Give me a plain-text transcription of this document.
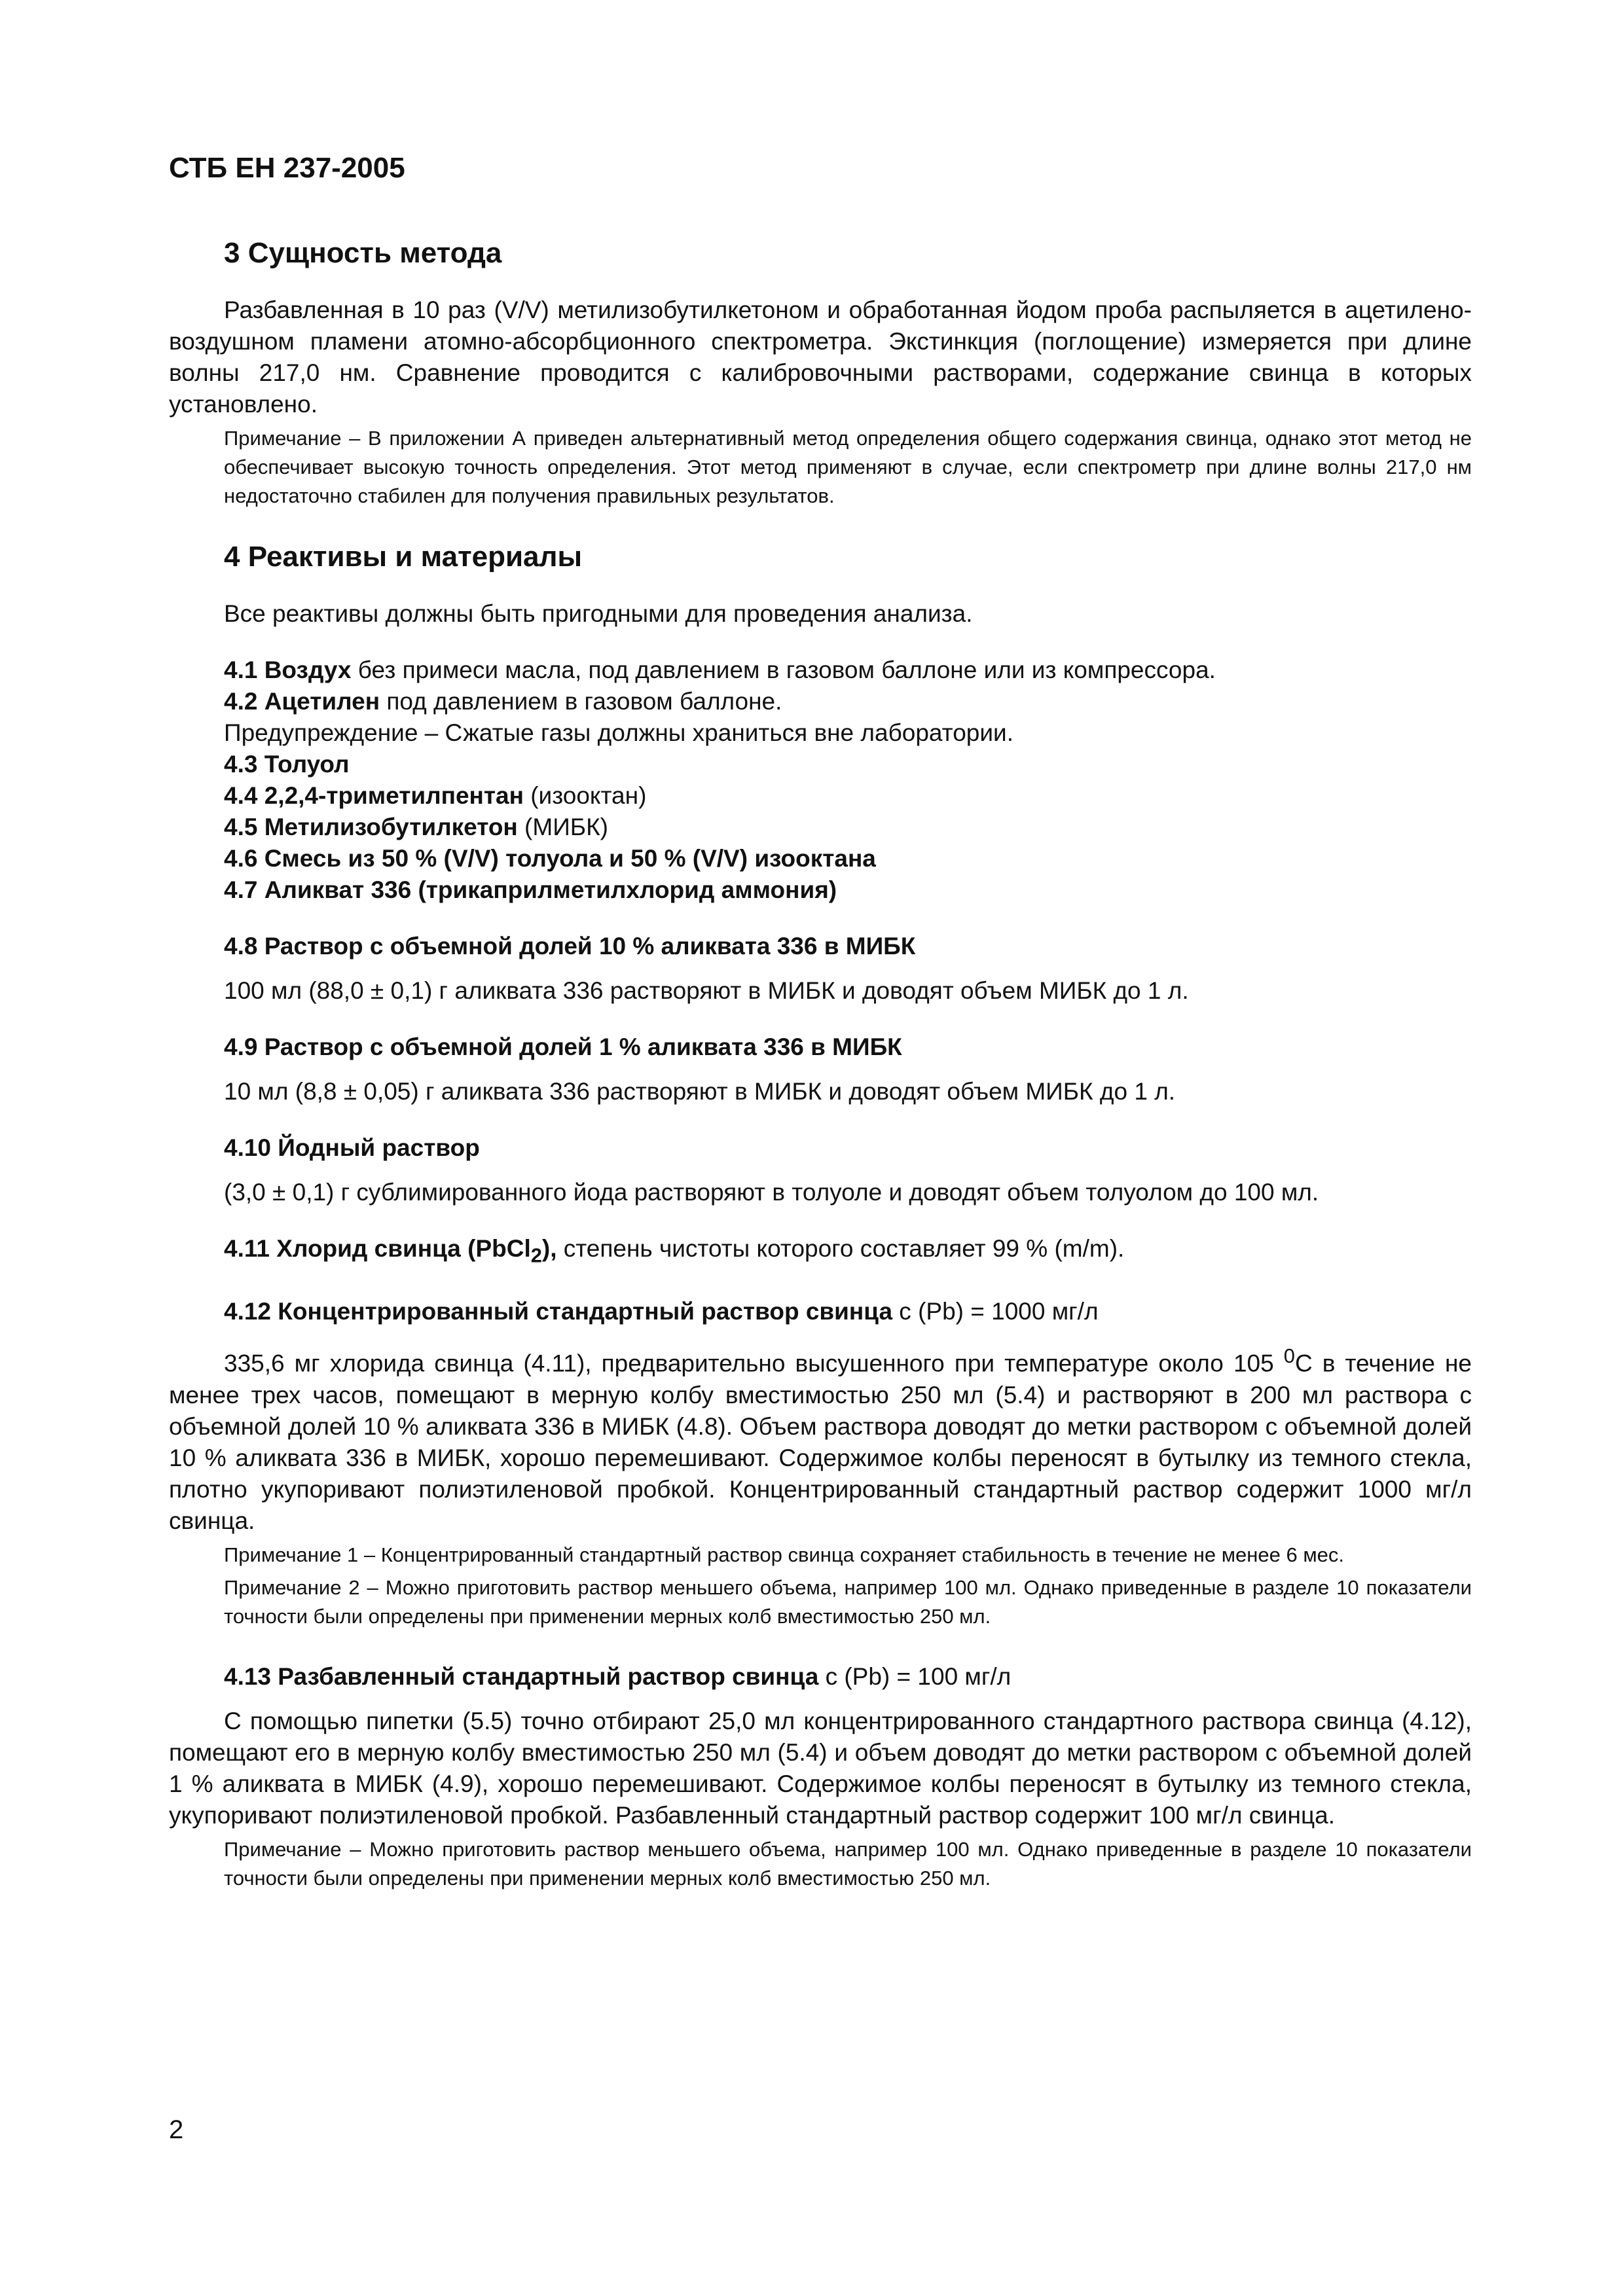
СТБ ЕН 237-2005

3 Сущность метода

Разбавленная в 10 раз (V/V) метилизобутилкетоном и обработанная йодом проба распыляется в ацетилено-воздушном пламени атомно-абсорбционного спектрометра. Экстинкция (поглощение) измеряется при длине волны 217,0 нм. Сравнение проводится с калибровочными растворами, содержание свинца в которых установлено.

Примечание – В приложении А приведен альтернативный метод определения общего содержания свинца, однако этот метод не обеспечивает высокую точность определения. Этот метод применяют в случае, если спектрометр при длине волны 217,0 нм недостаточно стабилен для получения правильных результатов.

4 Реактивы и материалы

Все реактивы должны быть пригодными для проведения анализа.

4.1 Воздух без примеси масла, под давлением в газовом баллоне или из компрессора.

4.2 Ацетилен под давлением в газовом баллоне.

Предупреждение – Сжатые газы должны храниться вне лаборатории.

4.3 Толуол

4.4 2,2,4-триметилпентан (изооктан)

4.5 Метилизобутилкетон (МИБК)

4.6 Смесь из 50 % (V/V) толуола и 50 % (V/V) изооктана

4.7 Аликват 336 (трикаприлметилхлорид аммония)

4.8 Раствор с объемной долей 10 % аликвата 336 в МИБК

100 мл (88,0 ± 0,1) г аликвата 336 растворяют в МИБК и доводят объем МИБК до 1 л.

4.9 Раствор с объемной долей 1 % аликвата 336 в МИБК

10 мл (8,8 ± 0,05) г аликвата 336 растворяют в МИБК и доводят объем МИБК до 1 л.

4.10 Йодный раствор

(3,0 ± 0,1) г сублимированного йода растворяют в толуоле и доводят объем толуолом до 100 мл.

4.11 Хлорид свинца (PbCl$_2$), степень чистоты которого составляет 99 % (m/m).

4.12 Концентрированный стандартный раствор свинца с (Pb) = 1000 мг/л

335,6 мг хлорида свинца (4.11), предварительно высушенного при температуре около 105 $^0$С в течение не менее трех часов, помещают в мерную колбу вместимостью 250 мл (5.4) и растворяют в 200 мл раствора с объемной долей 10 % аликвата 336 в МИБК (4.8). Объем раствора доводят до метки раствором с объемной долей 10 % аликвата 336 в МИБК, хорошо перемешивают. Содержимое колбы переносят в бутылку из темного стекла, плотно укупоривают полиэтиленовой пробкой. Концентрированный стандартный раствор содержит 1000 мг/л свинца.

Примечание 1 – Концентрированный стандартный раствор свинца сохраняет стабильность в течение не менее 6 мес.

Примечание 2 – Можно приготовить раствор меньшего объема, например 100 мл. Однако приведенные в разделе 10 показатели точности были определены при применении мерных колб вместимостью 250 мл.

4.13 Разбавленный стандартный раствор свинца с (Pb) = 100 мг/л

С помощью пипетки (5.5) точно отбирают 25,0 мл концентрированного стандартного раствора свинца (4.12), помещают его в мерную колбу вместимостью 250 мл (5.4) и объем доводят до метки раствором с объемной долей 1 % аликвата в МИБК (4.9), хорошо перемешивают. Содержимое колбы переносят в бутылку из темного стекла, укупоривают полиэтиленовой пробкой. Разбавленный стандартный раствор содержит 100 мг/л свинца.

Примечание – Можно приготовить раствор меньшего объема, например 100 мл. Однако приведенные в разделе 10 показатели точности были определены при применении мерных колб вместимостью 250 мл.

2
